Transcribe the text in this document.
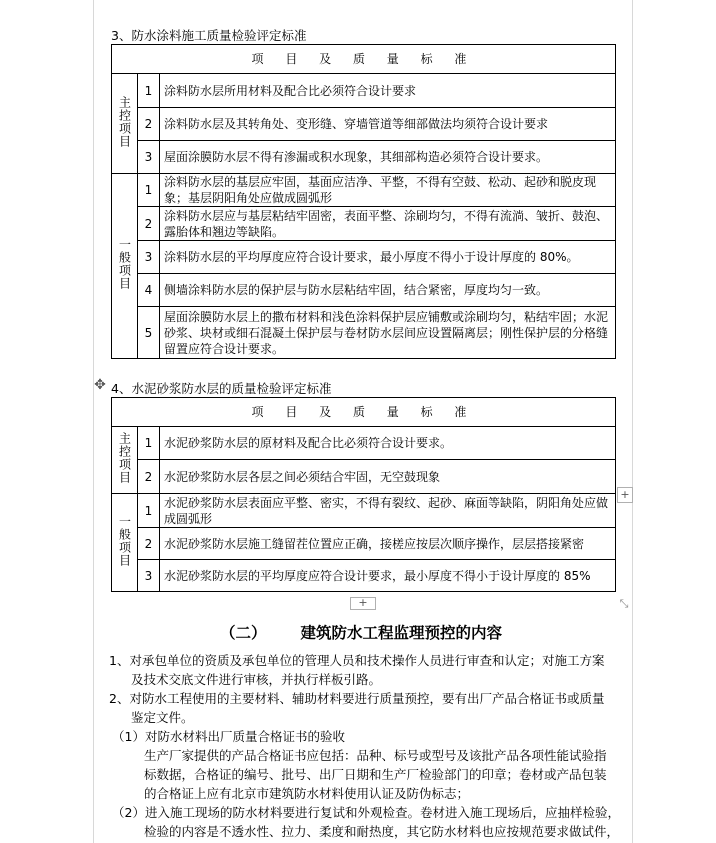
3、防水涂料施工质量检验评定标准
项 目 及 质 量 标 准		
主控项目	1	涂料防水层所用材料及配合比必须符合设计要求
	2	涂料防水层及其转角处、变形缝、穿墙管道等细部做法均须符合设计要求
	3	屋面涂膜防水层不得有渗漏或积水现象，其细部构造必须符合设计要求。
一般项目	1	涂料防水层的基层应牢固，基面应洁净、平整，不得有空鼓、松动、起砂和脱皮现象；基层阴阳角处应做成圆弧形
	2	涂料防水层应与基层粘结牢固密，表面平整、涂刷均匀，不得有流淌、皱折、鼓泡、露胎体和翘边等缺陷。
	3	涂料防水层的平均厚度应符合设计要求，最小厚度不得小于设计厚度的 80%。
	4	侧墙涂料防水层的保护层与防水层粘结牢固，结合紧密，厚度均匀一致。
	5	屋面涂膜防水层上的撒布材料和浅色涂料保护层应铺敷或涂刷均匀，粘结牢固；水泥砂浆、块材或细石混凝土保护层与卷材防水层间应设置隔离层；刚性保护层的分格缝留置应符合设计要求。
✥ 4、水泥砂浆防水层的质量检验评定标准
项 目 及 质 量 标 准		
主控项目	1	水泥砂浆防水层的原材料及配合比必须符合设计要求。
	2	水泥砂浆防水层各层之间必须结合牢固，无空鼓现象
一般项目	1	水泥砂浆防水层表面应平整、密实，不得有裂纹、起砂、麻面等缺陷，阴阳角处应做成圆弧形
	2	水泥砂浆防水层施工缝留茬位置应正确，接槎应按层次顺序操作，层层搭接紧密
	3	水泥砂浆防水层的平均厚度应符合设计要求，最小厚度不得小于设计厚度的 85%
+
+	⤡
（二） 建筑防水工程监理预控的内容
1、对承包单位的资质及承包单位的管理人员和技术操作人员进行审查和认定；对施工方案
及技术交底文件进行审核，并执行样板引路。
2、对防水工程使用的主要材料、辅助材料要进行质量预控，要有出厂产品合格证书或质量
鉴定文件。
（1）对防水材料出厂质量合格证书的验收
生产厂家提供的产品合格证书应包括：品种、标号或型号及该批产品各项性能试验指
标数据，合格证的编号、批号、出厂日期和生产厂检验部门的印章；卷材或产品包装
的合格证上应有北京市建筑防水材料使用认证及防伪标志；
（2）进入施工现场的防水材料要进行复试和外观检查。卷材进入施工现场后，应抽样检验，
检验的内容是不透水性、拉力、柔度和耐热度，其它防水材料也应按规范要求做试件，
